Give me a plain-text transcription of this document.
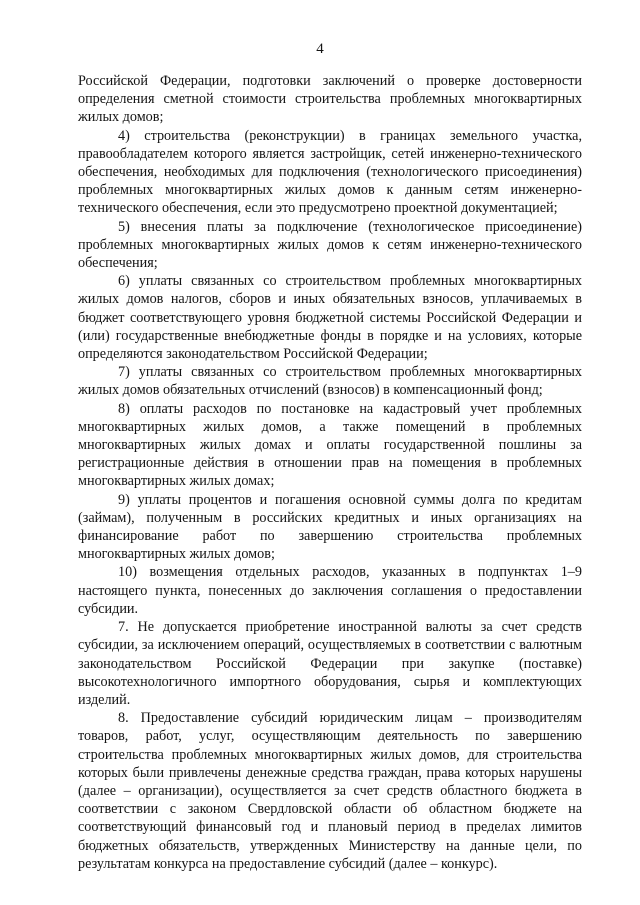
4

Российской Федерации, подготовки заключений о проверке достоверности определения сметной стоимости строительства проблемных многоквартирных жилых домов;

4) строительства (реконструкции) в границах земельного участка, правообладателем которого является застройщик, сетей инженерно-технического обеспечения, необходимых для подключения (технологического присоединения) проблемных многоквартирных жилых домов к данным сетям инженерно-технического обеспечения, если это предусмотрено проектной документацией;

5) внесения платы за подключение (технологическое присоединение) проблемных многоквартирных жилых домов к сетям инженерно-технического обеспечения;

6) уплаты связанных со строительством проблемных многоквартирных жилых домов налогов, сборов и иных обязательных взносов, уплачиваемых в бюджет соответствующего уровня бюджетной системы Российской Федерации и (или) государственные внебюджетные фонды в порядке и на условиях, которые определяются законодательством Российской Федерации;

7) уплаты связанных со строительством проблемных многоквартирных жилых домов обязательных отчислений (взносов) в компенсационный фонд;

8) оплаты расходов по постановке на кадастровый учет проблемных многоквартирных жилых домов, а также помещений в проблемных многоквартирных жилых домах и оплаты государственной пошлины за регистрационные действия в отношении прав на помещения в проблемных многоквартирных жилых домах;

9) уплаты процентов и погашения основной суммы долга по кредитам (займам), полученным в российских кредитных и иных организациях на финансирование работ по завершению строительства проблемных многоквартирных жилых домов;

10) возмещения отдельных расходов, указанных в подпунктах 1–9 настоящего пункта, понесенных до заключения соглашения о предоставлении субсидии.

7. Не допускается приобретение иностранной валюты за счет средств субсидии, за исключением операций, осуществляемых в соответствии с валютным законодательством Российской Федерации при закупке (поставке) высокотехнологичного импортного оборудования, сырья и комплектующих изделий.

8. Предоставление субсидий юридическим лицам – производителям товаров, работ, услуг, осуществляющим деятельность по завершению строительства проблемных многоквартирных жилых домов, для строительства которых были привлечены денежные средства граждан, права которых нарушены (далее – организации), осуществляется за счет средств областного бюджета в соответствии с законом Свердловской области об областном бюджете на соответствующий финансовый год и плановый период в пределах лимитов бюджетных обязательств, утвержденных Министерству на данные цели, по результатам конкурса на предоставление субсидий (далее – конкурс).
